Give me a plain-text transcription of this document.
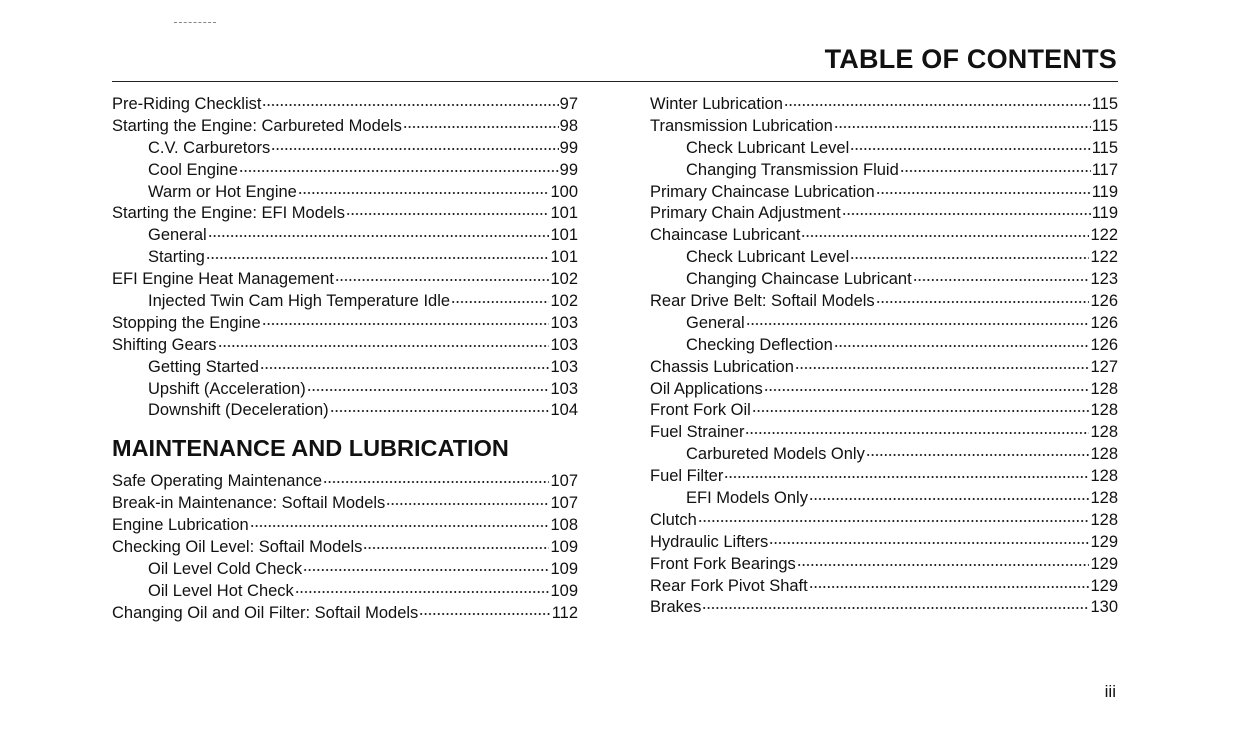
TABLE OF CONTENTS
Pre-Riding Checklist	97
Starting the Engine: Carbureted Models	98
C.V. Carburetors	99
Cool Engine	99
Warm or Hot Engine	100
Starting the Engine: EFI Models	101
General	101
Starting	101
EFI Engine Heat Management	102
Injected Twin Cam High Temperature Idle	102
Stopping the Engine	103
Shifting Gears	103
Getting Started	103
Upshift (Acceleration)	103
Downshift (Deceleration)	104
MAINTENANCE AND LUBRICATION
Safe Operating Maintenance	107
Break-in Maintenance: Softail Models	107
Engine Lubrication	108
Checking Oil Level: Softail Models	109
Oil Level Cold Check	109
Oil Level Hot Check	109
Changing Oil and Oil Filter: Softail Models	112
Winter Lubrication	115
Transmission Lubrication	115
Check Lubricant Level	115
Changing Transmission Fluid	117
Primary Chaincase Lubrication	119
Primary Chain Adjustment	119
Chaincase Lubricant	122
Check Lubricant Level	122
Changing Chaincase Lubricant	123
Rear Drive Belt: Softail Models	126
General	126
Checking Deflection	126
Chassis Lubrication	127
Oil Applications	128
Front Fork Oil	128
Fuel Strainer	128
Carbureted Models Only	128
Fuel Filter	128
EFI Models Only	128
Clutch	128
Hydraulic Lifters	129
Front Fork Bearings	129
Rear Fork Pivot Shaft	129
Brakes	130
iii
